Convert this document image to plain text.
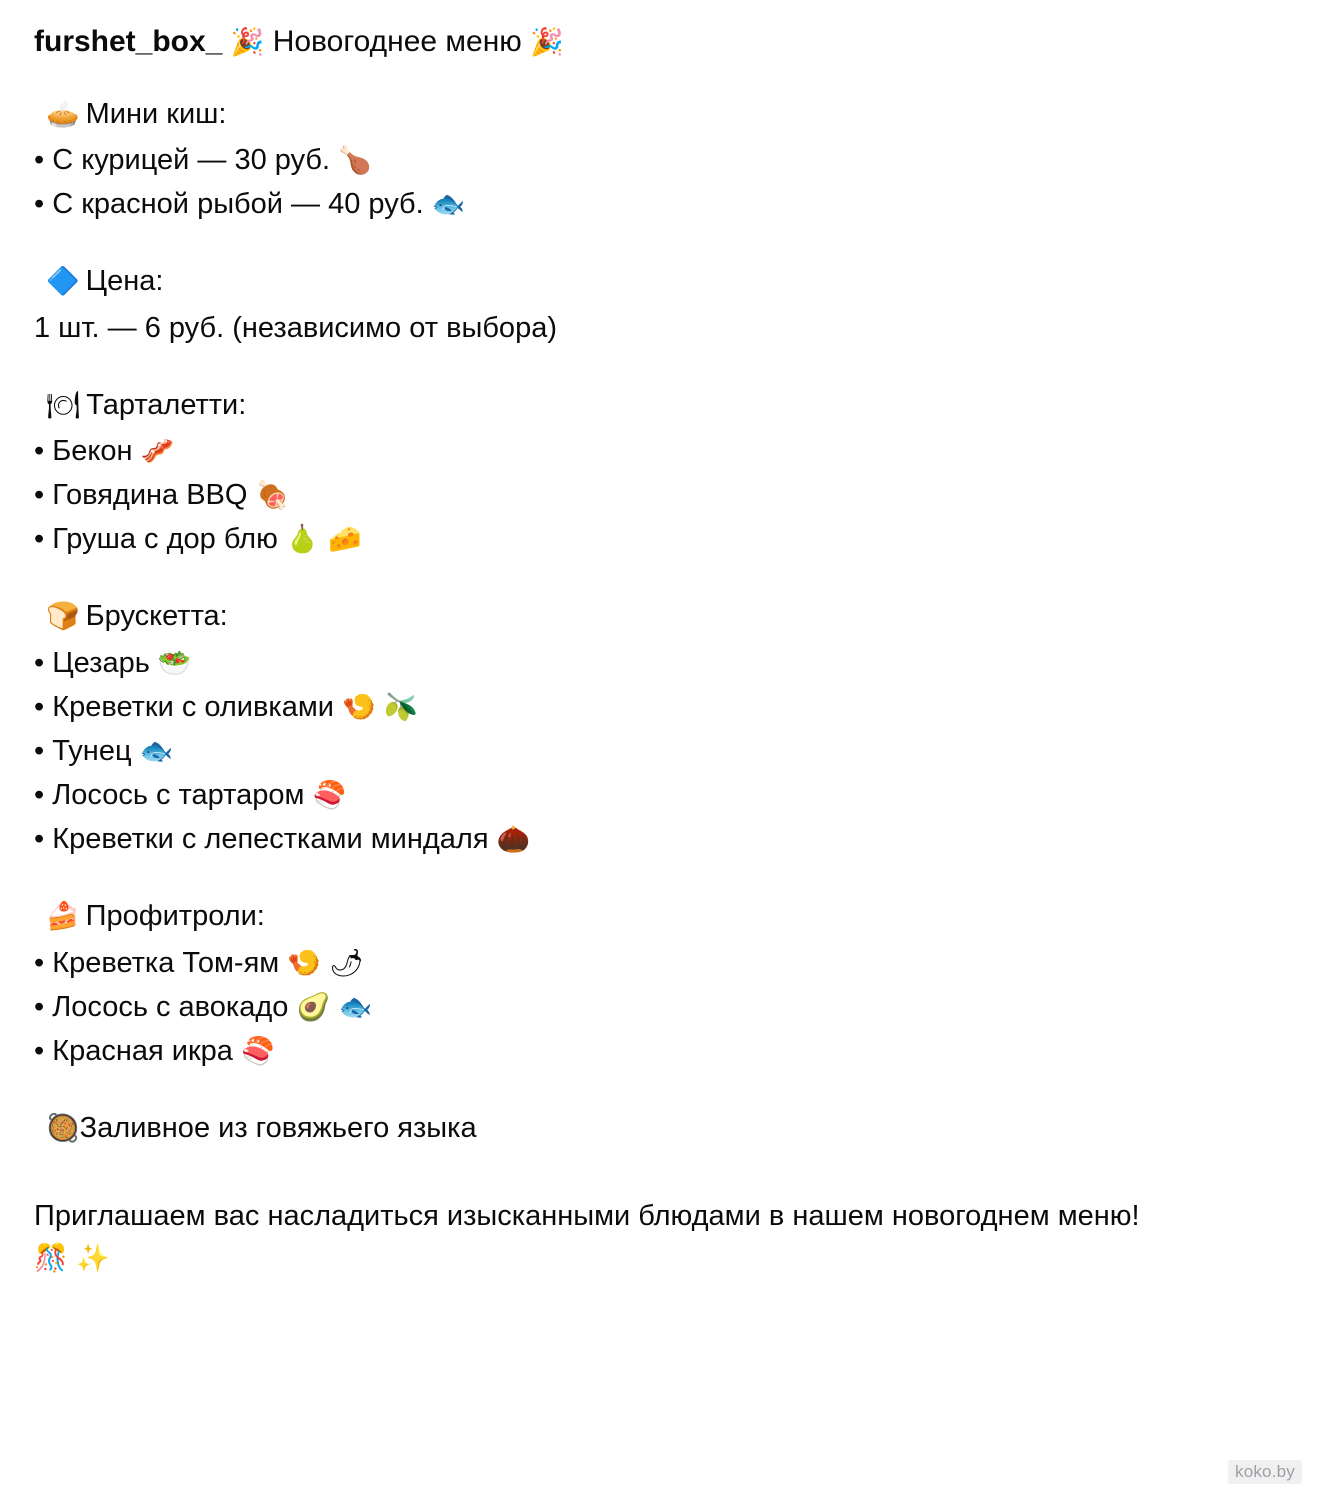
furshet_box_ 🎉 Новогоднее меню 🎉
🥧 Мини киш:
• С курицей — 30 руб. 🍗
• С красной рыбой — 40 руб. 🐟
🔷 Цена:
1 шт. — 6 руб. (независимо от выбора)
🍽 Тарталетти:
• Бекон 🥓
• Говядина BBQ 🍖
• Груша с дор блю 🍐 🧀
🍞 Брускетта:
• Цезарь 🥗
• Креветки с оливками 🍤 🫒
• Тунец 🐟
• Лосось с тартаром 🍣
• Креветки с лепестками миндаля 🌰
🍰 Профитроли:
• Креветка Том-ям 🍤 🌶
• Лосось с авокадо 🥑 🐟
• Красная икра 🍣
🥘Заливное из говяжьего языка
Приглашаем вас насладиться изысканными блюдами в нашем новогоднем меню! 🎊 ✨
koko.by
